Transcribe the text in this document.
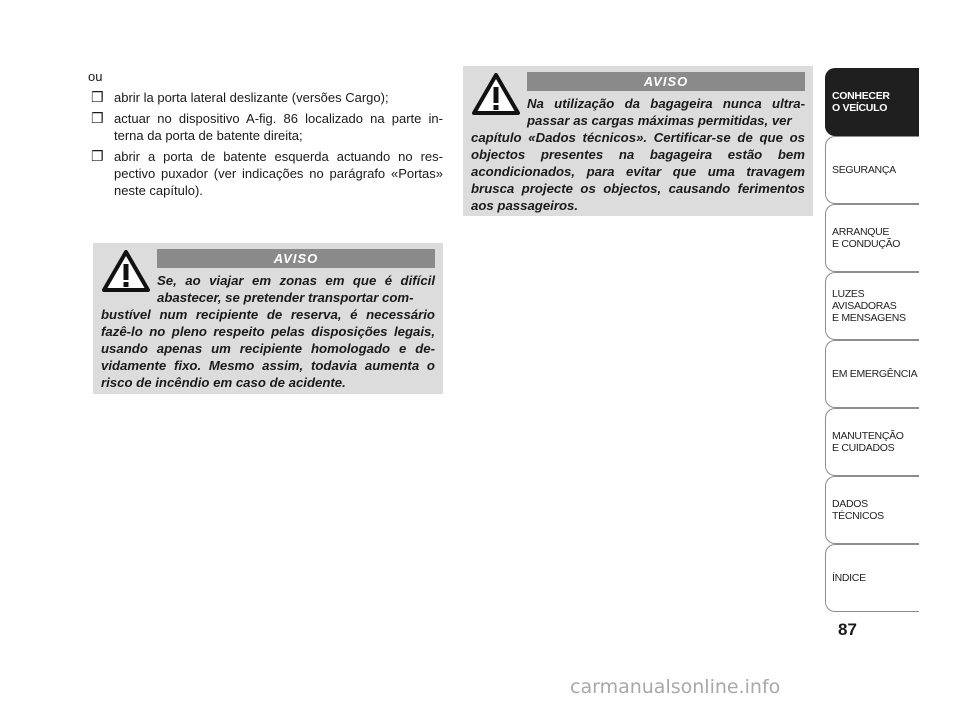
ou

❒ abrir la porta lateral deslizante (versões Cargo);
❒ actuar no dispositivo A-fig. 86 localizado na parte in- terna da porta de batente direita;
❒ abrir a porta de batente esquerda actuando no res- pectivo puxador (ver indicações no parágrafo «Portas» neste capítulo).
AVISO
Se, ao viajar em zonas em que é difícil abastecer, se pretender transportar com-
bustível num recipiente de reserva, é necessário fazê-lo no pleno respeito pelas disposições legais, usando apenas um recipiente homologado e de-vidamente fixo. Mesmo assim, todavia aumenta o risco de incêndio em caso de acidente.
AVISO
Na utilização da bagageira nunca ultra-passar as cargas máximas permitidas, ver
capítulo «Dados técnicos». Certificar-se de que os objectos presentes na bagageira estão bem acondicionados, para evitar que uma travagem brusca projecte os objectos, causando ferimentos aos passageiros.
CONHECER
O VEÍCULO
SEGURANÇA
ARRANQUE
E CONDUÇÃO
LUZES AVISADORAS
E MENSAGENS
EM EMERGÊNCIA
MANUTENÇÃO
E CUIDADOS
DADOS TÉCNICOS
ÍNDICE
87
carmanualsonline.info
